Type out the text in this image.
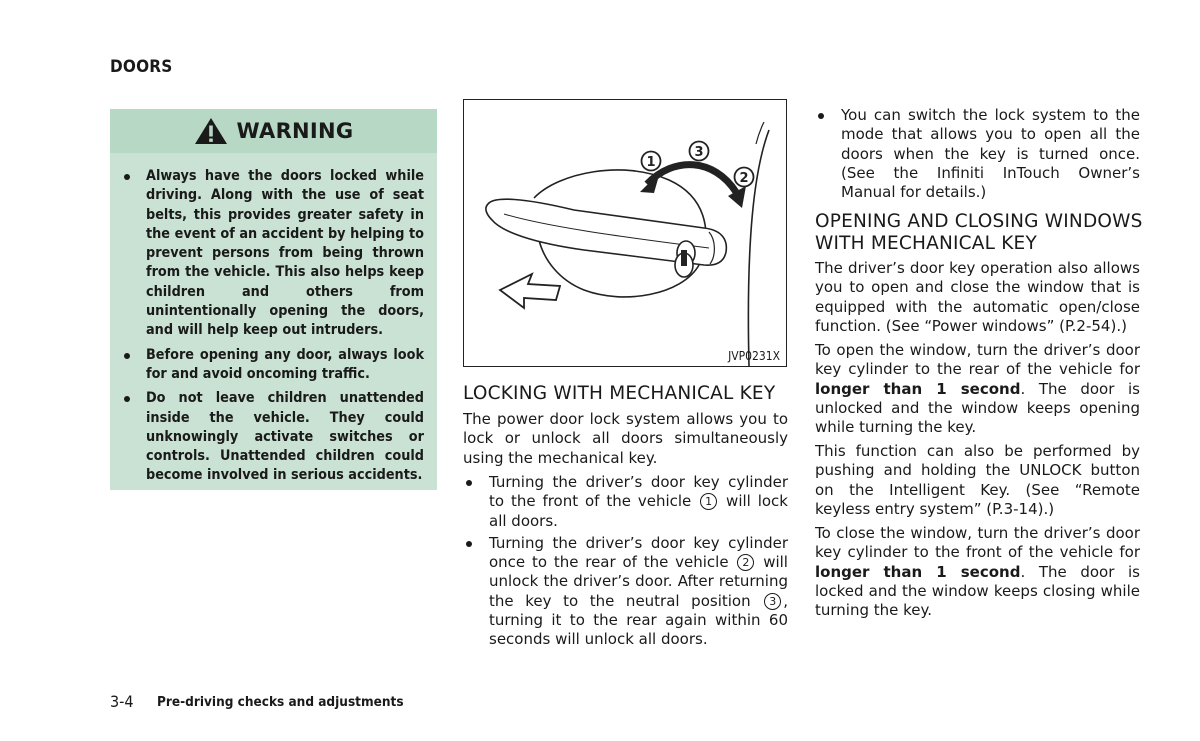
DOORS
WARNING
Always have the doors locked while driving. Along with the use of seat belts, this provides greater safety in the event of an accident by helping to prevent persons from being thrown from the vehicle. This also helps keep children and others from unintentionally opening the doors, and will help keep out intruders.
Before opening any door, always look for and avoid oncoming traffic.
Do not leave children unattended inside the vehicle. They could unknowingly activate switches or controls. Unattended children could become involved in serious accidents.
1
3
2
JVP0231X
LOCKING WITH MECHANICAL KEY

The power door lock system allows you to lock or unlock all doors simultaneously using the mechanical key.

Turning the driver’s door key cylinder to the front of the vehicle 1 will lock all doors.
Turning the driver’s door key cylinder once to the rear of the vehicle 2 will unlock the driver’s door. After returning the key to the neutral position 3 , turning it to the rear again within 60 seconds will unlock all doors.
You can switch the lock system to the mode that allows you to open all the doors when the key is turned once. (See the Infiniti InTouch Owner’s Manual for details.)
OPENING AND CLOSING WINDOWS WITH MECHANICAL KEY

The driver’s door key operation also allows you to open and close the window that is equipped with the automatic open/close function. (See “Power windows” (P.2-54).)

To open the window, turn the driver’s door key cylinder to the rear of the vehicle for longer than 1 second. The door is unlocked and the window keeps opening while turning the key.

This function can also be performed by pushing and holding the UNLOCK button on the Intelligent Key. (See “Remote keyless entry system” (P.3-14).)

To close the window, turn the driver’s door key cylinder to the front of the vehicle for longer than 1 second. The door is locked and the window keeps closing while turning the key.

3-4 Pre-driving checks and adjustments
